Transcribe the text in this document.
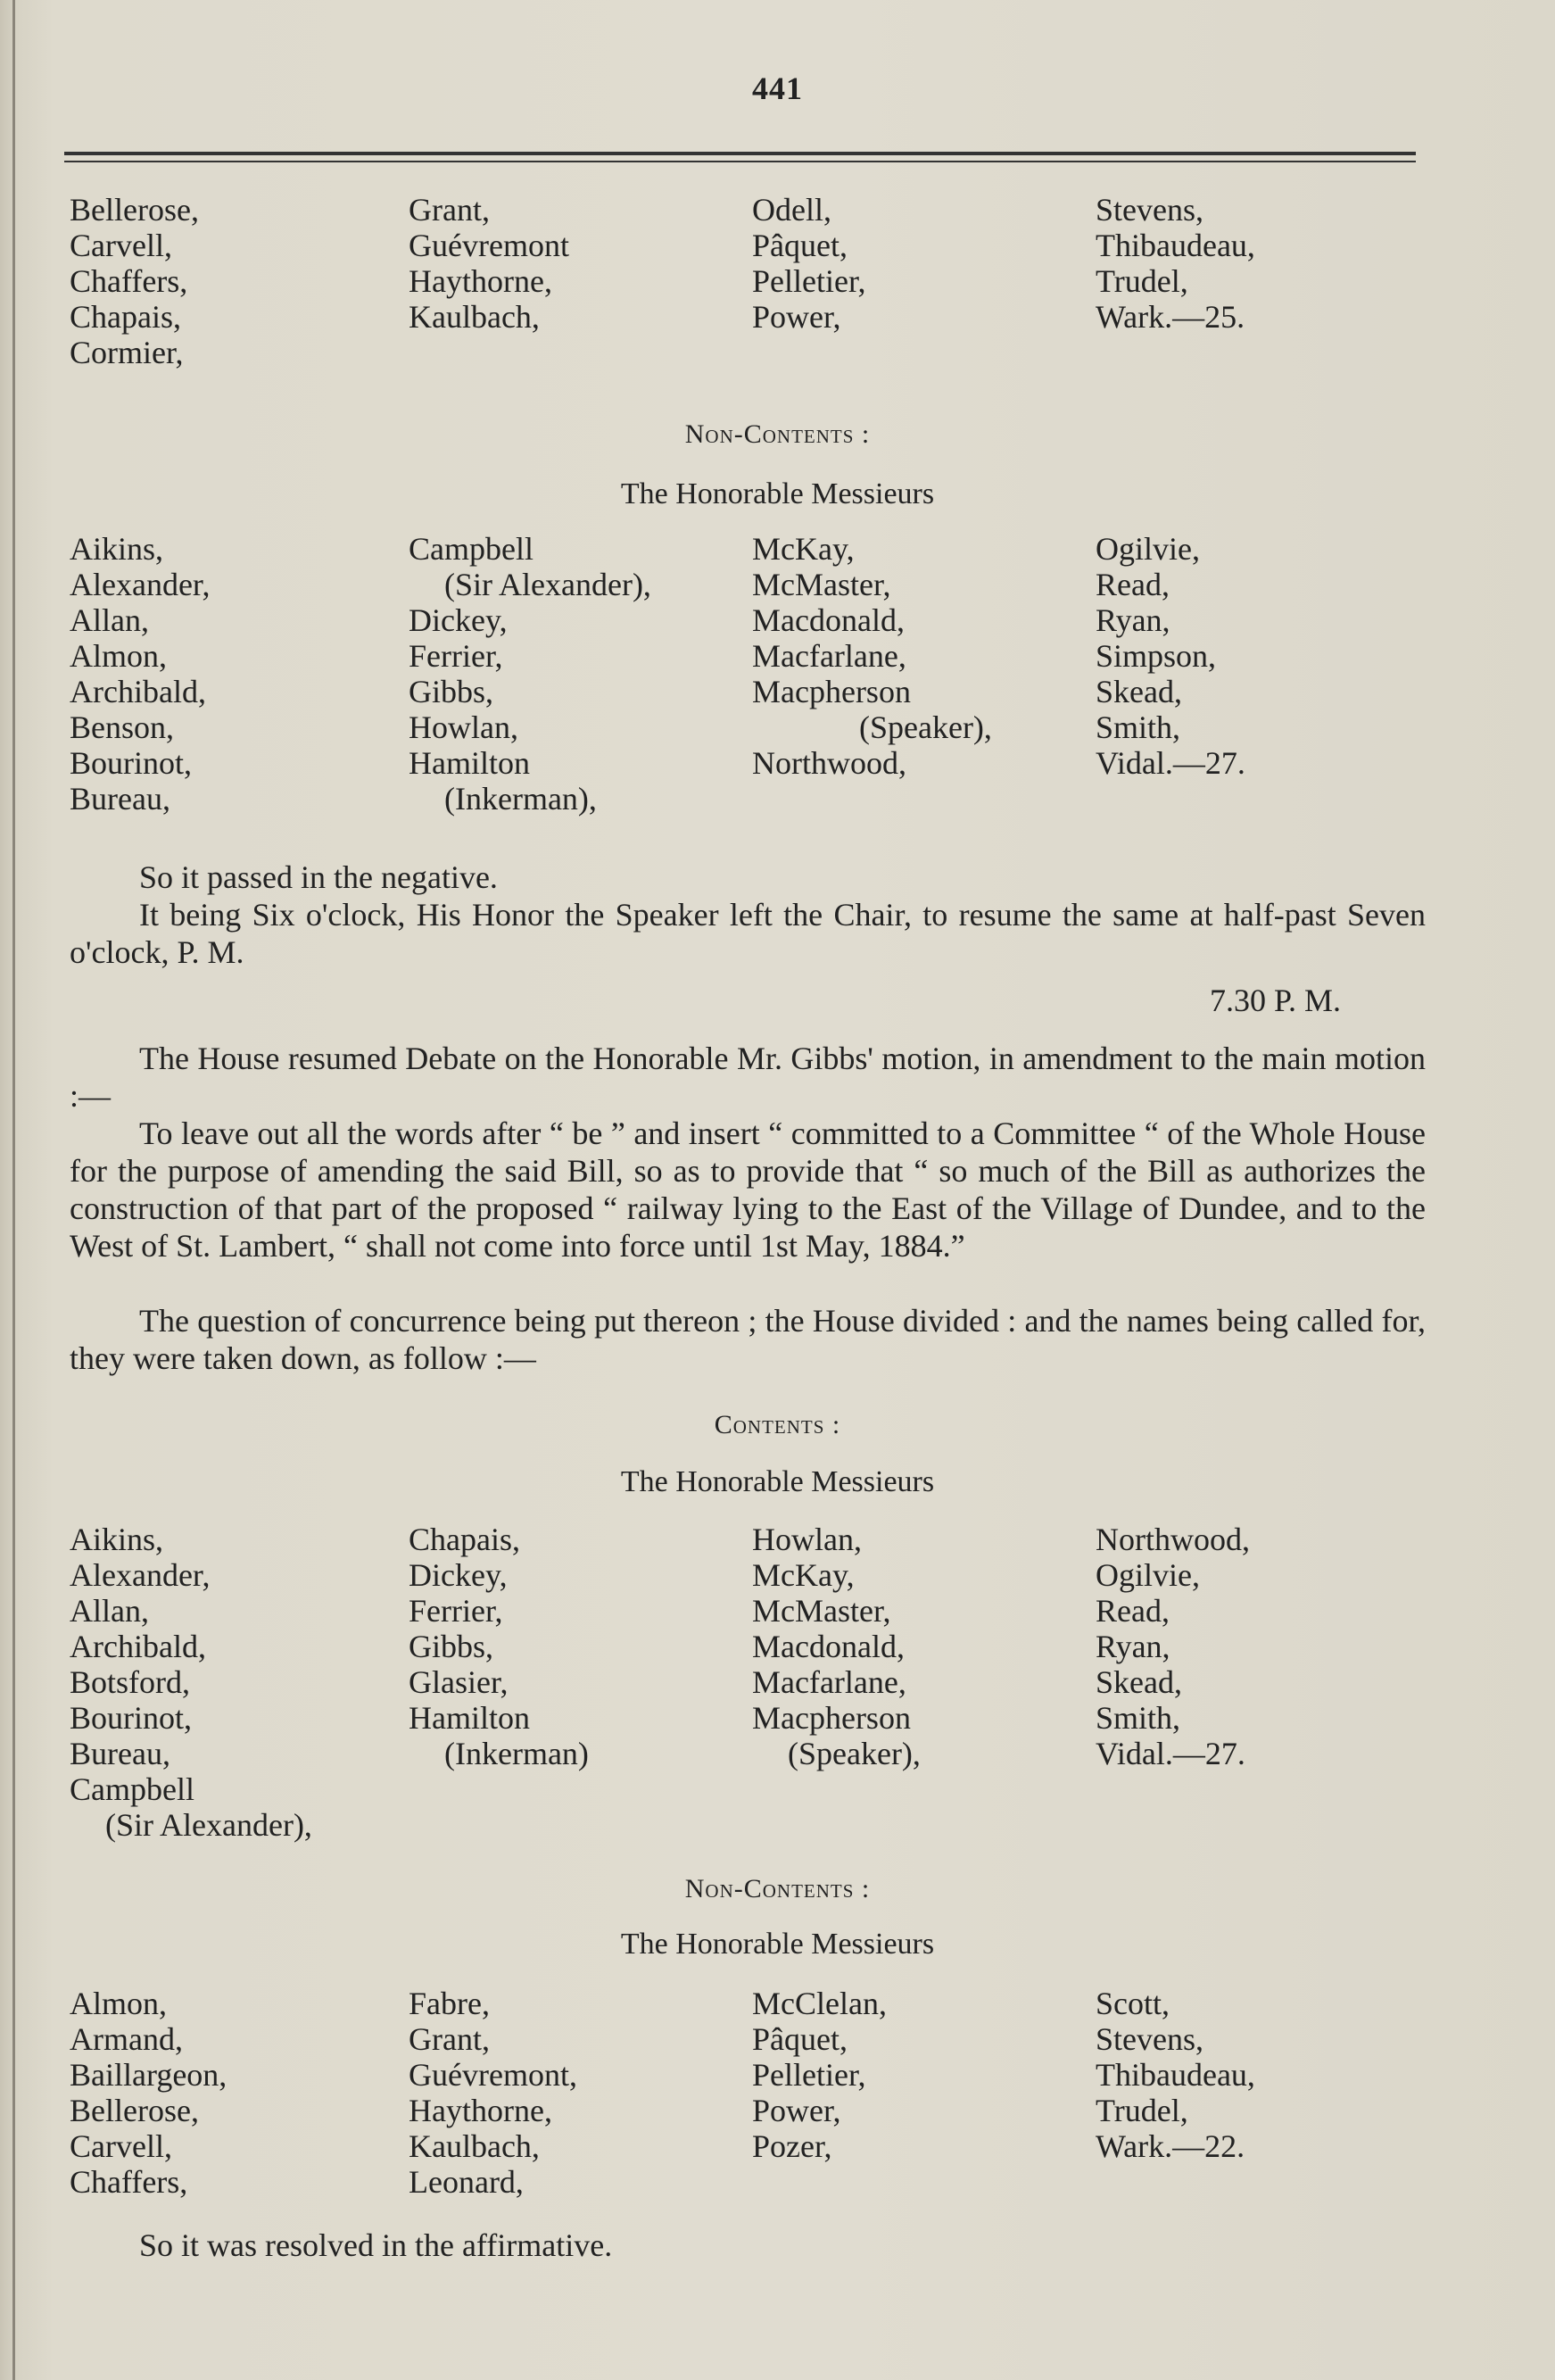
441
Bellerose,
Carvell,
Chaffers,
Chapais,
Cormier,
Grant,
Guévremont
Haythorne,
Kaulbach,
Odell,
Pâquet,
Pelletier,
Power,
Stevens,
Thibaudeau,
Trudel,
Wark.—25.
Non-Contents :
The Honorable Messieurs
Aikins,
Alexander,
Allan,
Almon,
Archibald,
Benson,
Bourinot,
Bureau,
Campbell
(Sir Alexander),
Dickey,
Ferrier,
Gibbs,
Howlan,
Hamilton
(Inkerman),
McKay,
McMaster,
Macdonald,
Macfarlane,
Macpherson
(Speaker),
Northwood,
Ogilvie,
Read,
Ryan,
Simpson,
Skead,
Smith,
Vidal.—27.
So it passed in the negative.
It being Six o'clock, His Honor the Speaker left the Chair, to resume the same at half-past Seven o'clock, P. M.
7.30 P. M.
The House resumed Debate on the Honorable Mr. Gibbs' motion, in amendment to the main motion :—
To leave out all the words after “ be ” and insert “ committed to a Committee “ of the Whole House for the purpose of amending the said Bill, so as to provide that “ so much of the Bill as authorizes the construction of that part of the proposed “ railway lying to the East of the Village of Dundee, and to the West of St. Lambert, “ shall not come into force until 1st May, 1884.”
The question of concurrence being put thereon ; the House divided : and the names being called for, they were taken down, as follow :—
Contents :
The Honorable Messieurs
Aikins,
Alexander,
Allan,
Archibald,
Botsford,
Bourinot,
Bureau,
Campbell
(Sir Alexander),
Chapais,
Dickey,
Ferrier,
Gibbs,
Glasier,
Hamilton
(Inkerman)
Howlan,
McKay,
McMaster,
Macdonald,
Macfarlane,
Macpherson
(Speaker),
Northwood,
Ogilvie,
Read,
Ryan,
Skead,
Smith,
Vidal.—27.
Non-Contents :
The Honorable Messieurs
Almon,
Armand,
Baillargeon,
Bellerose,
Carvell,
Chaffers,
Fabre,
Grant,
Guévremont,
Haythorne,
Kaulbach,
Leonard,
McClelan,
Pâquet,
Pelletier,
Power,
Pozer,
Scott,
Stevens,
Thibaudeau,
Trudel,
Wark.—22.
So it was resolved in the affirmative.
